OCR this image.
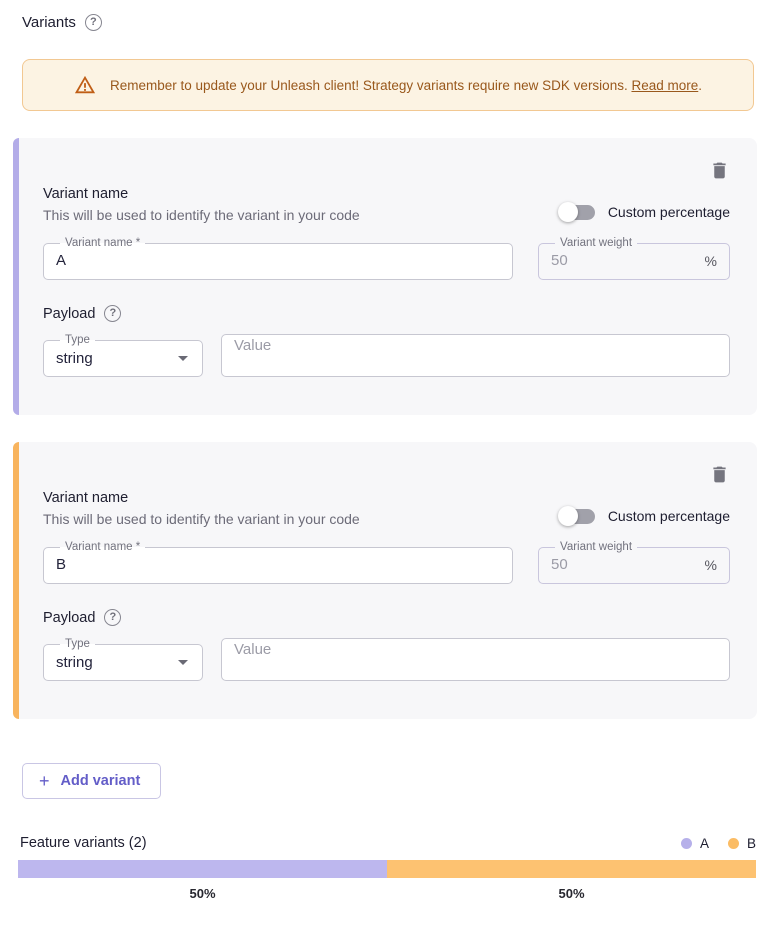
Variants	?
Remember to update your Unleash client! Strategy variants require new SDK versions. Read more.
Variant name
This will be used to identify the variant in your code	Custom percentage
Variant name *
A	Variant weight
50
%
Payload	?
Type
string
Value
Variant name
This will be used to identify the variant in your code	Custom percentage
Variant name *
B	Variant weight
50
%
Payload	?
Type
string
Value
+ Add variant
Feature variants (2)	A	B
50%	50%
